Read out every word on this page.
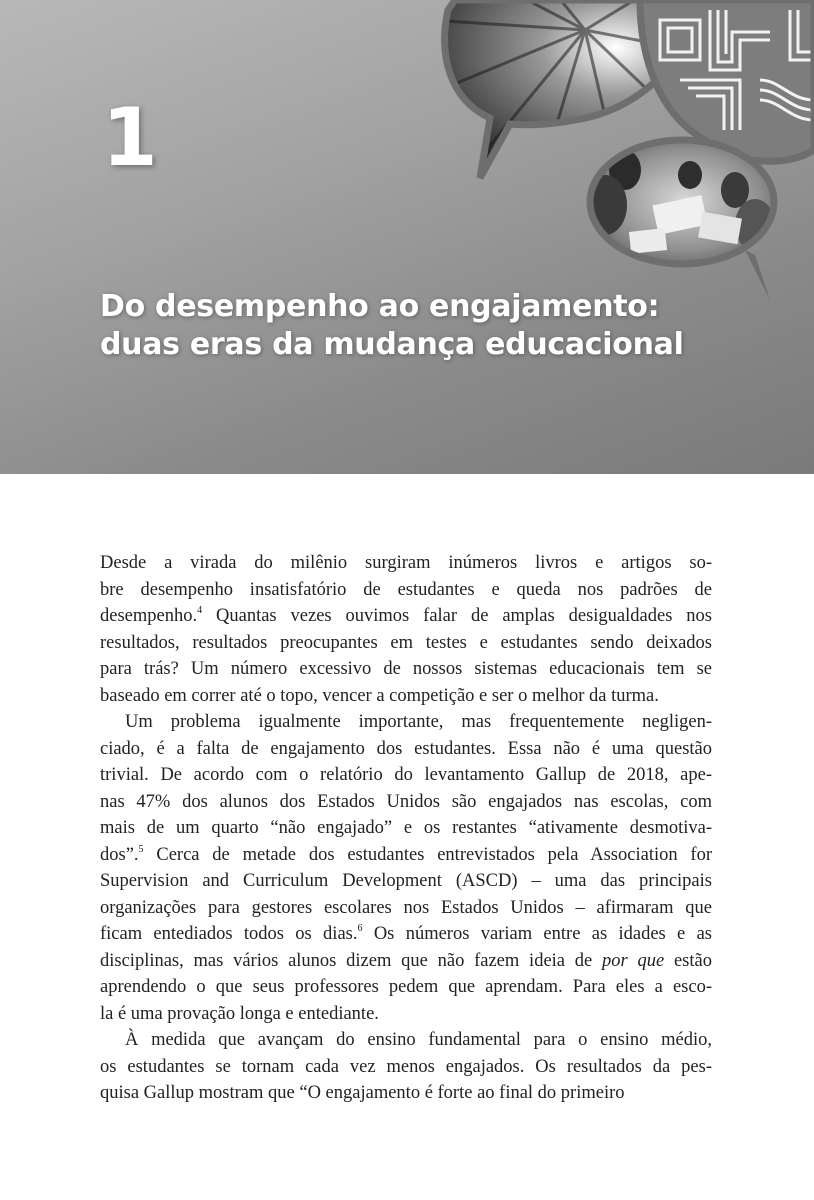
1
Do desempenho ao engajamento:
duas eras da mudança educacional
Desde a virada do milênio surgiram inúmeros livros e artigos so-
bre desempenho insatisfatório de estudantes e queda nos padrões de
desempenho.$^4$ Quantas vezes ouvimos falar de amplas desigualdades nos
resultados, resultados preocupantes em testes e estudantes sendo deixados
para trás? Um número excessivo de nossos sistemas educacionais tem se
baseado em correr até o topo, vencer a competição e ser o melhor da turma.
Um problema igualmente importante, mas frequentemente negligen-
ciado, é a falta de engajamento dos estudantes. Essa não é uma questão
trivial. De acordo com o relatório do levantamento Gallup de 2018, ape-
nas 47% dos alunos dos Estados Unidos são engajados nas escolas, com
mais de um quarto “não engajado” e os restantes “ativamente desmotiva-
dos”.$^5$ Cerca de metade dos estudantes entrevistados pela Association for
Supervision and Curriculum Development (ASCD) – uma das principais
organizações para gestores escolares nos Estados Unidos – afirmaram que
ficam entediados todos os dias.$^6$ Os números variam entre as idades e as
disciplinas, mas vários alunos dizem que não fazem ideia de por que estão
aprendendo o que seus professores pedem que aprendam. Para eles a esco-
la é uma provação longa e entediante.
À medida que avançam do ensino fundamental para o ensino médio,
os estudantes se tornam cada vez menos engajados. Os resultados da pes-
quisa Gallup mostram que “O engajamento é forte ao final do primeiro
